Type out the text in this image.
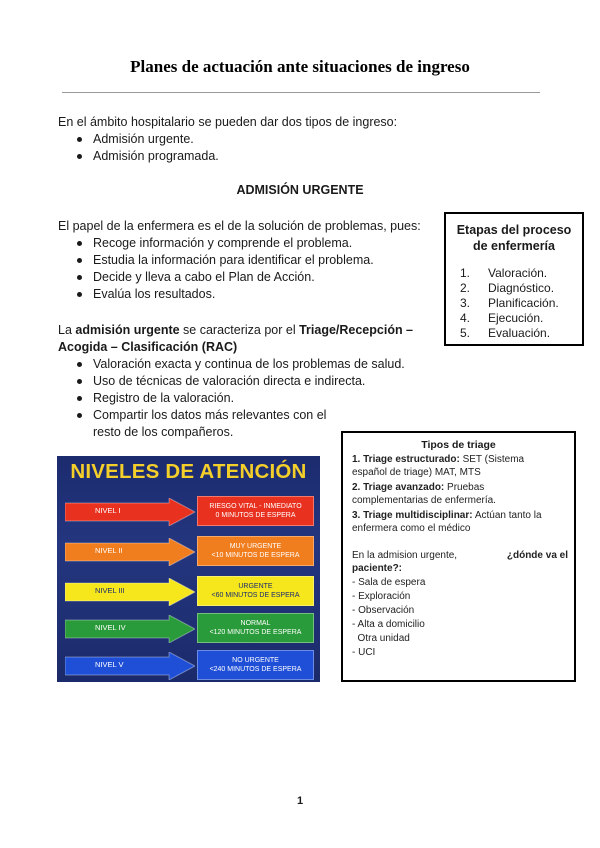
Planes de actuación ante situaciones de ingreso
En el ámbito hospitalario se pueden dar dos tipos de ingreso:
Admisión urgente.
Admisión programada.
ADMISIÓN URGENTE
El papel de la enfermera es el de la solución de problemas, pues:
Recoge información y comprende el problema.
Estudia la información para identificar el problema.
Decide y lleva a cabo el Plan de Acción.
Evalúa los resultados.
La admisión urgente se caracteriza por el Triage/Recepción –
Acogida – Clasificación (RAC)
Valoración exacta y continua de los problemas de salud.
Uso de técnicas de valoración directa e indirecta.
Registro de la valoración.
Compartir los datos más relevantes con el
resto de los compañeros.
Etapas del proceso
de enfermería
1.	Valoración.
2.	Diagnóstico.
3.	Planificación.
4.	Ejecución.
5.	Evaluación.
NIVELES DE ATENCIÓN
NIVEL I	RIESGO VITAL - INMEDIATO
0 MINUTOS DE ESPERA
NIVEL II	MUY URGENTE
<10 MINUTOS DE ESPERA
NIVEL III	URGENTE
<60 MINUTOS DE ESPERA
NIVEL IV	NORMAL
<120 MINUTOS DE ESPERA
NIVEL V	NO URGENTE
<240 MINUTOS DE ESPERA
Tipos de triage
1. Triage estructurado: SET (Sistema
español de triage) MAT, MTS
2. Triage avanzado: Pruebas
complementarias de enfermería.
3. Triage multidisciplinar: Actúan tanto la
enfermera como el médico
En la admision urgente,	¿dónde va el
paciente?:
- Sala de espera
- Exploración
- Observación
- Alta a domicilio
Otra unidad
- UCI
1
